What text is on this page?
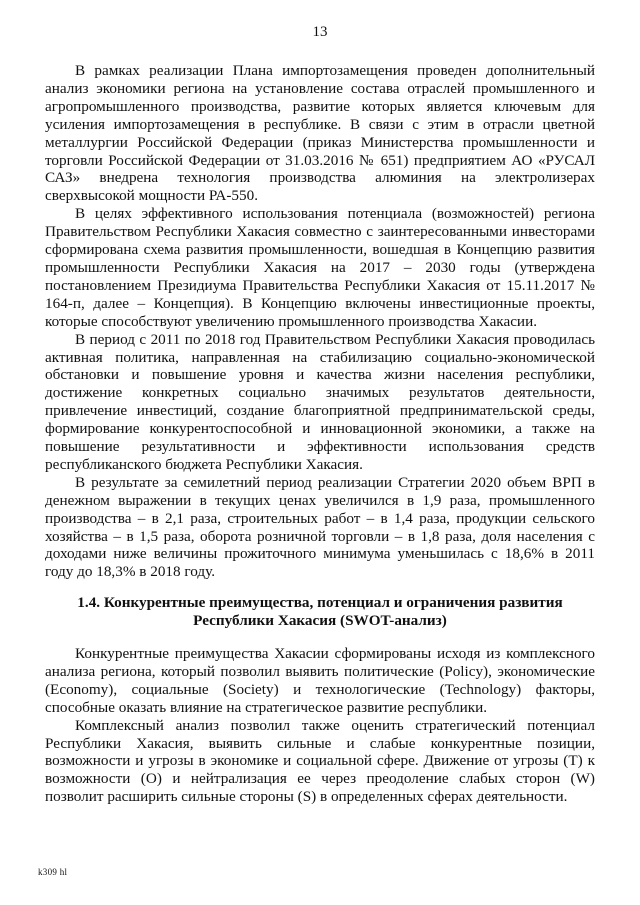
13

В рамках реализации Плана импортозамещения проведен дополнительный анализ экономики региона на установление состава отраслей промышленного и агропромышленного производства, развитие которых является ключевым для усиления импортозамещения в республике. В связи с этим в отрасли цветной металлургии Российской Федерации (приказ Министерства промышленности и торговли Российской Федерации от 31.03.2016 № 651) предприятием АО «РУСАЛ САЗ» внедрена технология производства алюминия на электролизерах сверхвысокой мощности РА-550.

В целях эффективного использования потенциала (возможностей) региона Правительством Республики Хакасия совместно с заинтересованными инвесторами сформирована схема развития промышленности, вошедшая в Концепцию развития промышленности Республики Хакасия на 2017 – 2030 годы (утверждена постановлением Президиума Правительства Республики Хакасия от 15.11.2017 № 164-п, далее – Концепция). В Концепцию включены инвестиционные проекты, которые способствуют увеличению промышленного производства Хакасии.

В период с 2011 по 2018 год Правительством Республики Хакасия проводилась активная политика, направленная на стабилизацию социально-экономической обстановки и повышение уровня и качества жизни населения республики, достижение конкретных социально значимых результатов деятельности, привлечение инвестиций, создание благоприятной предпринимательской среды, формирование конкурентоспособной и инновационной экономики, а также на повышение результативности и эффективности использования средств республиканского бюджета Республики Хакасия.

В результате за семилетний период реализации Стратегии 2020 объем ВРП в денежном выражении в текущих ценах увеличился в 1,9 раза, промышленного производства – в 2,1 раза, строительных работ – в 1,4 раза, продукции сельского хозяйства – в 1,5 раза, оборота розничной торговли – в 1,8 раза, доля населения с доходами ниже величины прожиточного минимума уменьшилась с 18,6% в 2011 году до 18,3% в 2018 году.

1.4. Конкурентные преимущества, потенциал и ограничения развития
Республики Хакасия (SWOT-анализ)

Конкурентные преимущества Хакасии сформированы исходя из комплексного анализа региона, который позволил выявить политические (Policy), экономические (Economy), социальные (Society) и технологические (Technology) факторы, способные оказать влияние на стратегическое развитие республики.

Комплексный анализ позволил также оценить стратегический потенциал Республики Хакасия, выявить сильные и слабые конкурентные позиции, возможности и угрозы в экономике и социальной сфере. Движение от угрозы (T) к возможности (O) и нейтрализация ее через преодоление слабых сторон (W) позволит расширить сильные стороны (S) в определенных сферах деятельности.

k309 hl
